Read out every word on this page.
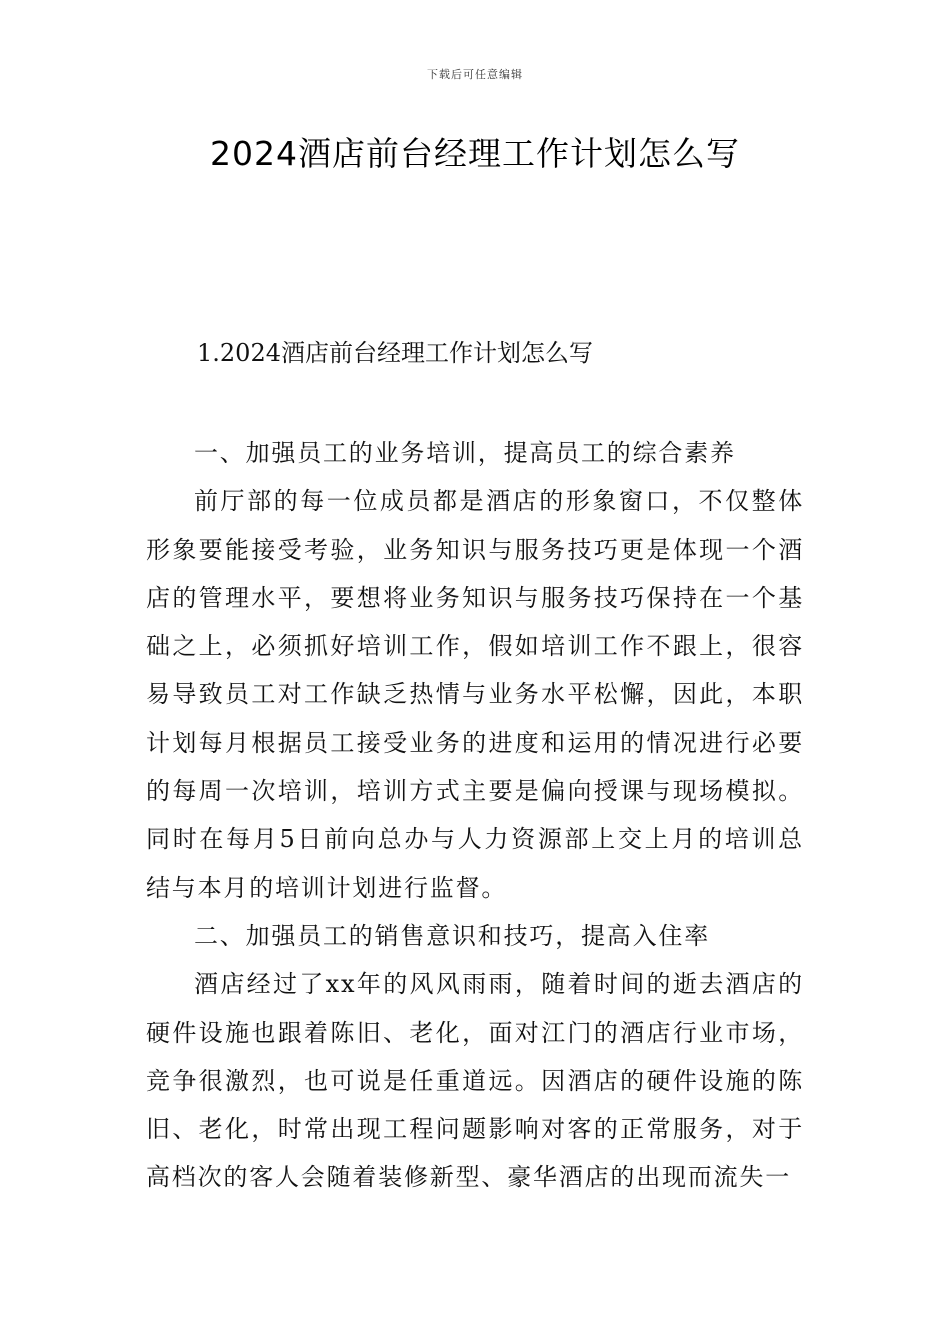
下载后可任意编辑
2024酒店前台经理工作计划怎么写
1.2024酒店前台经理工作计划怎么写

一、加强员工的业务培训，提高员工的综合素养

前厅部的每一位成员都是酒店的形象窗口，不仅整体形象要能接受考验，业务知识与服务技巧更是体现一个酒店的管理水平，要想将业务知识与服务技巧保持在一个基础之上，必须抓好培训工作，假如培训工作不跟上，很容易导致员工对工作缺乏热情与业务水平松懈，因此，本职计划每月根据员工接受业务的进度和运用的情况进行必要的每周一次培训，培训方式主要是偏向授课与现场模拟。同时在每月5日前向总办与人力资源部上交上月的培训总结与本月的培训计划进行监督。

二、加强员工的销售意识和技巧，提高入住率

酒店经过了xx年的风风雨雨，随着时间的逝去酒店的硬件设施也跟着陈旧、老化，面对江门的酒店行业市场，竞争很激烈，也可说是任重道远。因酒店的硬件设施的陈旧、老化，时常出现工程问题影响对客的正常服务，对于高档次的客人会随着装修新型、豪华酒店的出现而流失一
